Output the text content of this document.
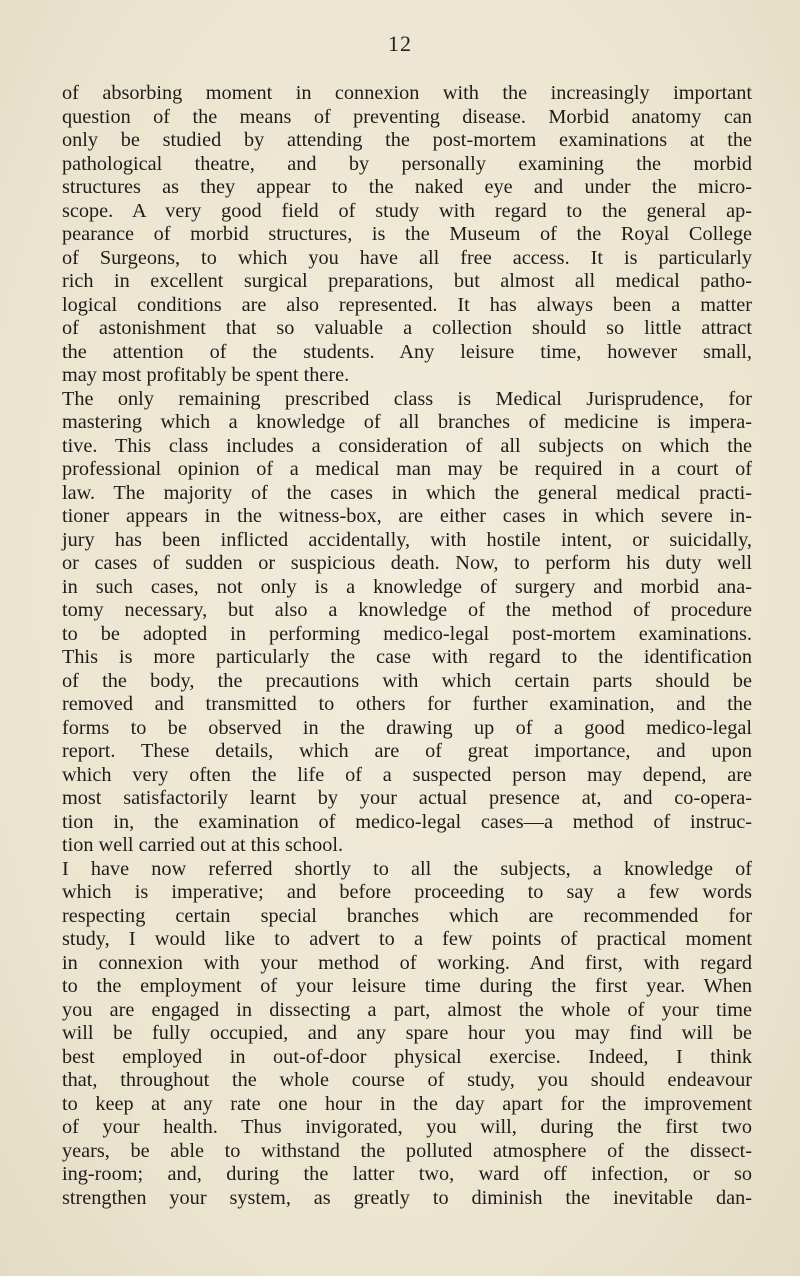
12
of absorbing moment in connexion with the increasingly important
question of the means of preventing disease. Morbid anatomy can
only be studied by attending the post-mortem examinations at the
pathological theatre, and by personally examining the morbid
structures as they appear to the naked eye and under the micro-
scope. A very good field of study with regard to the general ap-
pearance of morbid structures, is the Museum of the Royal College
of Surgeons, to which you have all free access. It is particularly
rich in excellent surgical preparations, but almost all medical patho-
logical conditions are also represented. It has always been a matter
of astonishment that so valuable a collection should so little attract
the attention of the students. Any leisure time, however small,
may most profitably be spent there.
The only remaining prescribed class is Medical Jurisprudence, for
mastering which a knowledge of all branches of medicine is impera-
tive. This class includes a consideration of all subjects on which the
professional opinion of a medical man may be required in a court of
law. The majority of the cases in which the general medical practi-
tioner appears in the witness-box, are either cases in which severe in-
jury has been inflicted accidentally, with hostile intent, or suicidally,
or cases of sudden or suspicious death. Now, to perform his duty well
in such cases, not only is a knowledge of surgery and morbid ana-
tomy necessary, but also a knowledge of the method of procedure
to be adopted in performing medico-legal post-mortem examinations.
This is more particularly the case with regard to the identification
of the body, the precautions with which certain parts should be
removed and transmitted to others for further examination, and the
forms to be observed in the drawing up of a good medico-legal
report. These details, which are of great importance, and upon
which very often the life of a suspected person may depend, are
most satisfactorily learnt by your actual presence at, and co-opera-
tion in, the examination of medico-legal cases—a method of instruc-
tion well carried out at this school.
I have now referred shortly to all the subjects, a knowledge of
which is imperative; and before proceeding to say a few words
respecting certain special branches which are recommended for
study, I would like to advert to a few points of practical moment
in connexion with your method of working. And first, with regard
to the employment of your leisure time during the first year. When
you are engaged in dissecting a part, almost the whole of your time
will be fully occupied, and any spare hour you may find will be
best employed in out-of-door physical exercise. Indeed, I think
that, throughout the whole course of study, you should endeavour
to keep at any rate one hour in the day apart for the improvement
of your health. Thus invigorated, you will, during the first two
years, be able to withstand the polluted atmosphere of the dissect-
ing-room; and, during the latter two, ward off infection, or so
strengthen your system, as greatly to diminish the inevitable dan-
